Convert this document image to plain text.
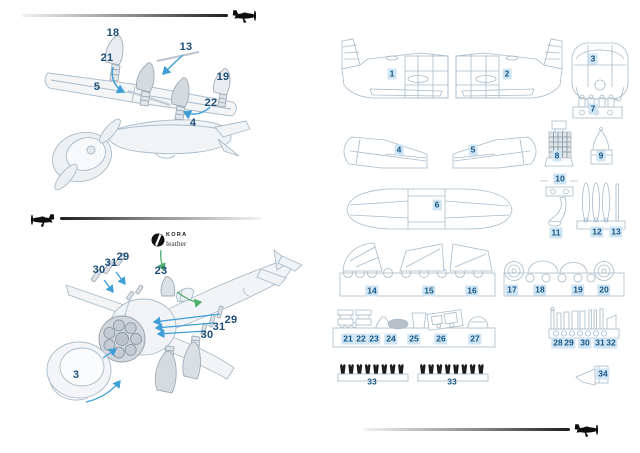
18
21
13
19
5
22
4
KORA
leather
30
31 29
23
29
31
30
3
1	2
3
4	5
6
7
8	9
10
11	12 13
14	15	16	17 18	19 20
21 22 23 24 25 26	27	28 29 30 31 32
33	33
34
